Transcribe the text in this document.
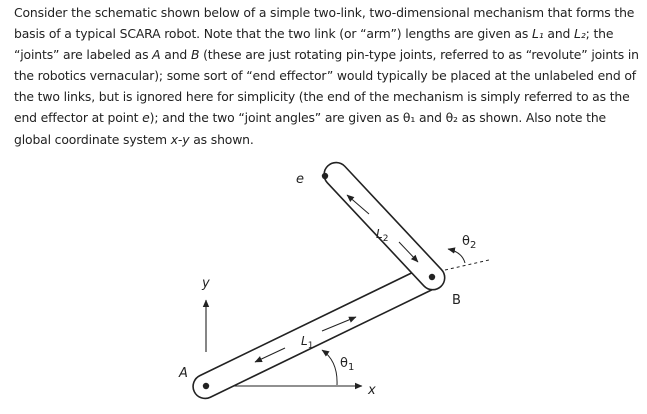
Consider the schematic shown below of a simple two-link, two-dimensional mechanism that forms the basis of a typical SCARA robot. Note that the two link (or “arm”) lengths are given as L₁ and L₂; the “joints” are labeled as A and B (these are just rotating pin-type joints, referred to as “revolute” joints in the robotics vernacular); some sort of “end effector” would typically be placed at the unlabeled end of the two links, but is ignored here for simplicity (the end of the mechanism is simply referred to as the end effector at point e); and the two “joint angles” are given as θ₁ and θ₂ as shown. Also note the global coordinate system x-y as shown.

e
A
B
y
x
$L_1$
$L_2$
$\theta_1$
$\theta_2$
